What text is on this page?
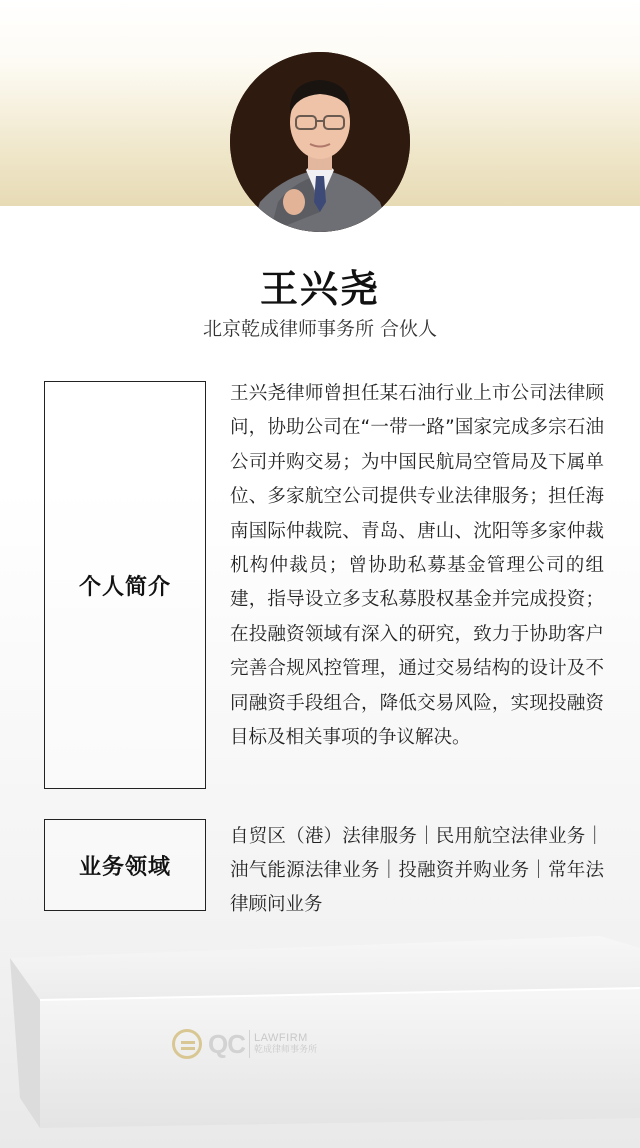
王兴尧
北京乾成律师事务所 合伙人
个人简介
王兴尧律师曾担任某石油行业上市公司法律顾问，协助公司在“一带一路”国家完成多宗石油公司并购交易；为中国民航局空管局及下属单位、多家航空公司提供专业法律服务；担任海南国际仲裁院、青岛、唐山、沈阳等多家仲裁机构仲裁员；曾协助私募基金管理公司的组建，指导设立多支私募股权基金并完成投资；在投融资领域有深入的研究，致力于协助客户完善合规风控管理，通过交易结构的设计及不同融资手段组合，降低交易风险，实现投融资目标及相关事项的争议解决。
业务领域
自贸区（港）法律服务｜民用航空法律业务｜油气能源法律业务｜投融资并购业务｜常年法律顾问业务
QC LAWFIRM
乾成律师事务所
